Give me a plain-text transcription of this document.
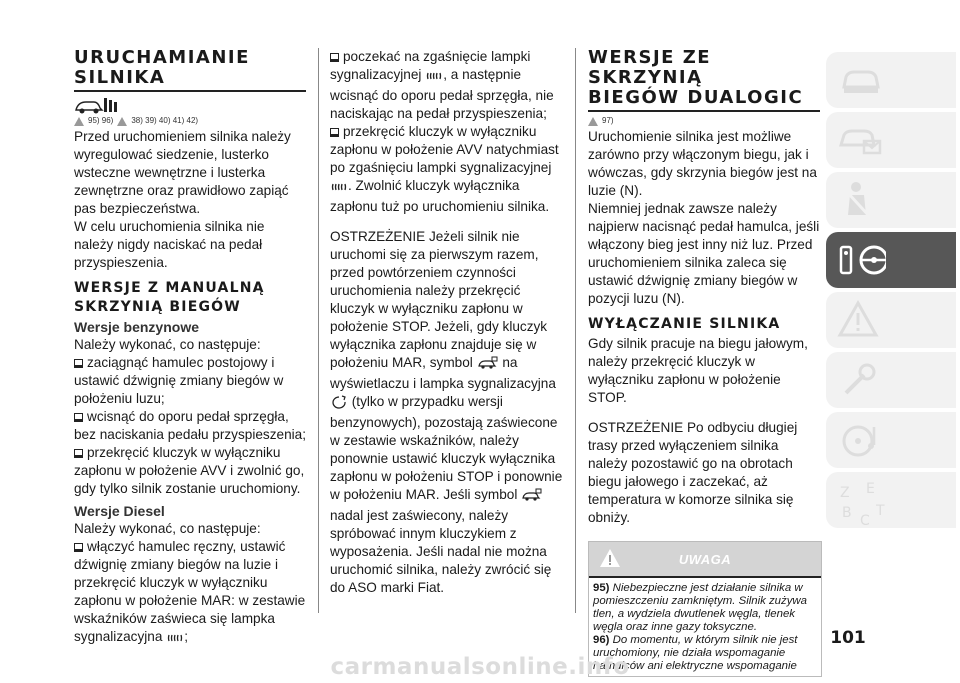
URUCHAMIANIE

SILNIKA

95) 96) 38) 39) 40) 41) 42)

Przed uruchomieniem silnika należy wyregulować siedzenie, lusterko wsteczne wewnętrzne i lusterka zewnętrzne oraz prawidłowo zapiąć pas bezpieczeństwa.

W celu uruchomienia silnika nie należy nigdy naciskać na pedał przyspieszenia.

WERSJE Z MANUALNĄ

SKRZYNIĄ BIEGÓW

Wersje benzynowe

Należy wykonać, co następuje:

zaciągnąć hamulec postojowy i ustawić dźwignię zmiany biegów w położeniu luzu;

wcisnąć do oporu pedał sprzęgła, bez naciskania pedału przyspieszenia;

przekręcić kluczyk w wyłączniku zapłonu w położenie AVV i zwolnić go, gdy tylko silnik zostanie uruchomiony.

Wersje Diesel

Należy wykonać, co następuje:

włączyć hamulec ręczny, ustawić dźwignię zmiany biegów na luzie i przekręcić kluczyk w wyłączniku zapłonu w położenie MAR: w zestawie wskaźników zaświeca się lampka sygnalizacyjna ;

poczekać na zgaśnięcie lampki sygnalizacyjnej , a następnie wcisnąć do oporu pedał sprzęgła, nie naciskając na pedał przyspieszenia;

przekręcić kluczyk w wyłączniku zapłonu w położenie AVV natychmiast po zgaśnięciu lampki sygnalizacyjnej . Zwolnić kluczyk wyłącznika zapłonu tuż po uruchomieniu silnika.

OSTRZEŻENIE Jeżeli silnik nie uruchomi się za pierwszym razem, przed powtórzeniem czynności uruchomienia należy przekręcić kluczyk w wyłączniku zapłonu w położenie STOP. Jeżeli, gdy kluczyk wyłącznika zapłonu znajduje się w położeniu MAR, symbol na wyświetlaczu i lampka sygnalizacyjna  (tylko w przypadku wersji benzynowych), pozostają zaświecone w zestawie wskaźników, należy ponownie ustawić kluczyk wyłącznika zapłonu w położeniu STOP i ponownie w położeniu MAR. Jeśli symbol  nadal jest zaświecony, należy spróbować innym kluczykiem z wyposażenia. Jeśli nadal nie można uruchomić silnika, należy zwrócić się do ASO marki Fiat.

WERSJE ZE SKRZYNIĄ

BIEGÓW DUALOGIC

97)

Uruchomienie silnika jest możliwe zarówno przy włączonym biegu, jak i wówczas, gdy skrzynia biegów jest na luzie (N).

Niemniej jednak zawsze należy najpierw nacisnąć pedał hamulca, jeśli włączony bieg jest inny niż luz. Przed uruchomieniem silnika zaleca się ustawić dźwignię zmiany biegów w pozycji luzu (N).

WYŁĄCZANIE SILNIKA

Gdy silnik pracuje na biegu jałowym, należy przekręcić kluczyk w wyłączniku zapłonu w położenie STOP.

OSTRZEŻENIE Po odbyciu długiej trasy przed wyłączeniem silnika należy pozostawić go na obrotach biegu jałowego i zaczekać, aż temperatura w komorze silnika się obniży.

UWAGA

95) Niebezpieczne jest działanie silnika w pomieszczeniu zamkniętym. Silnik zużywa tlen, a wydziela dwutlenek węgla, tlenek węgla oraz inne gazy toksyczne.

96) Do momentu, w którym silnik nie jest uruchomiony, nie działa wspomaganie hamulców ani elektryczne wspomaganie

Z E
B C
T
101
carmanualsonline.info
